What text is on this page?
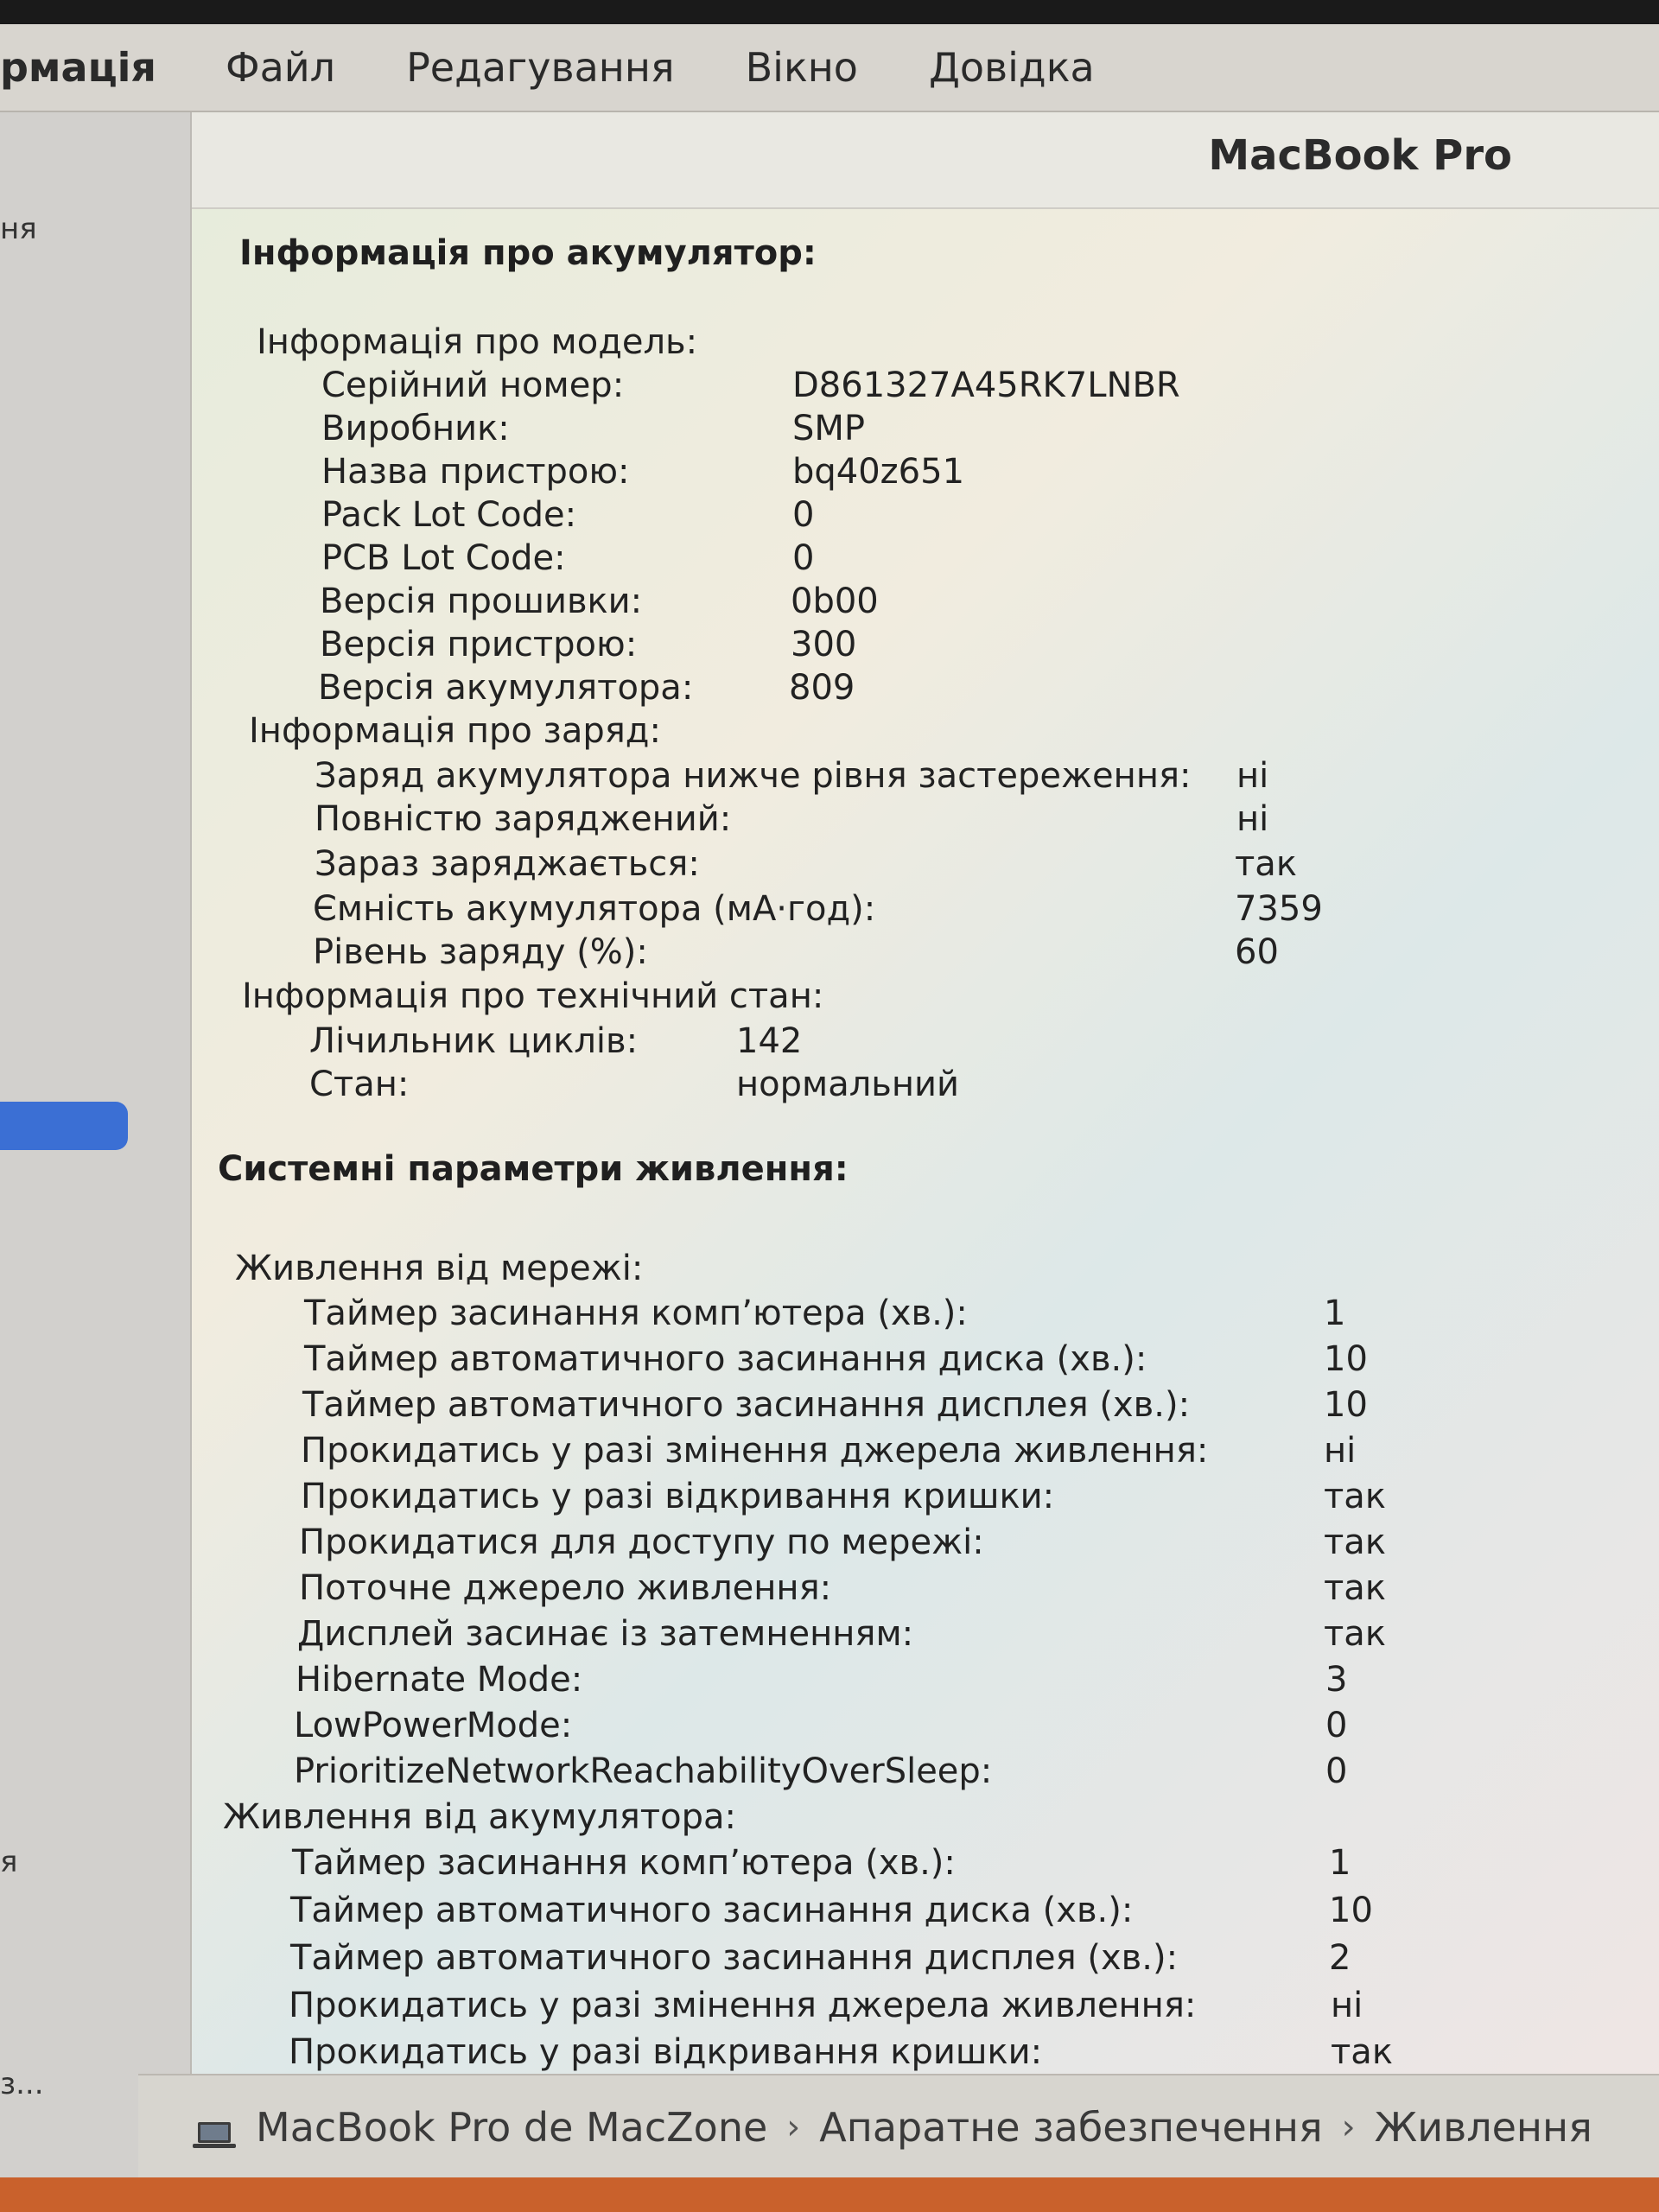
рмація Файл Редагування Вікно Довідка
ня
я
з...
MacBook Pro
Інформація про акумулятор:
Інформація про модель:
Серійний номер:	D861327A45RK7LNBR
Виробник:	SMP
Назва пристрою:	bq40z651
Pack Lot Code:	0
PCB Lot Code:	0
Версія прошивки:	0b00
Версія пристрою:	300
Версія акумулятора:	809
Інформація про заряд:
Заряд акумулятора нижче рівня застереження: ні
Повністю заряджений:	ні
Зараз заряджається:	так
Ємність акумулятора (мА·год):	7359
Рівень заряду (%):	60
Інформація про технічний стан:
Лічильник циклів:	142
Стан:	нормальний
Системні параметри живлення:
Живлення від мережі:
Таймер засинання комп’ютера (хв.):	1
Таймер автоматичного засинання диска (хв.):	10
Таймер автоматичного засинання дисплея (хв.):	10
Прокидатись у разі змінення джерела живлення:	ні
Прокидатись у разі відкривання кришки:	так
Прокидатися для доступу по мережі:	так
Поточне джерело живлення:	так
Дисплей засинає із затемненням:	так
Hibernate Mode:	3
LowPowerMode:	0
PrioritizeNetworkReachabilityOverSleep:	0
Живлення від акумулятора:
Таймер засинання комп’ютера (хв.):	1
Таймер автоматичного засинання диска (хв.):	10
Таймер автоматичного засинання дисплея (хв.):	2
Прокидатись у разі змінення джерела живлення:	ні
Прокидатись у разі відкривання кришки:	так
MacBook Pro de MacZone › Апаратне забезпечення › Живлення
